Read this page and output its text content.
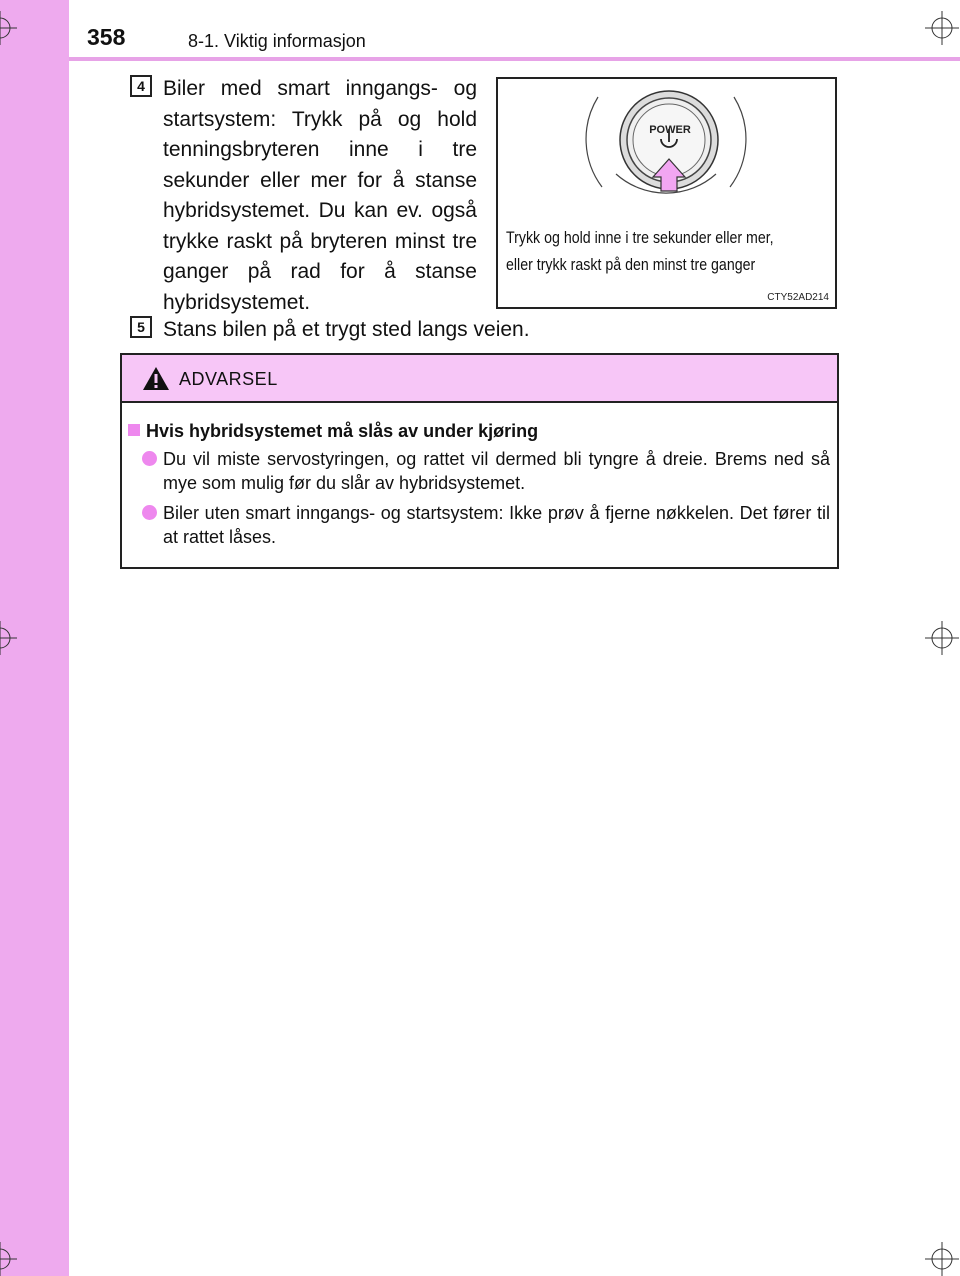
358	8-1. Viktig informasjon
4 Biler med smart inngangs- og startsystem: Trykk på og hold tenningsbryteren inne i tre sekunder eller mer for å stanse hybridsystemet. Du kan ev. også trykke raskt på bryteren minst tre ganger på rad for å stanse hybridsystemet.
POWER
Trykk og hold inne i tre sekunder eller mer,
eller trykk raskt på den minst tre ganger
CTY52AD214
5 Stans bilen på et trygt sted langs veien.
ADVARSEL
Hvis hybridsystemet må slås av under kjøring
Du vil miste servostyringen, og rattet vil dermed bli tyngre å dreie. Brems ned så mye som mulig før du slår av hybridsystemet.
Biler uten smart inngangs- og startsystem: Ikke prøv å fjerne nøkkelen. Det fører til at rattet låses.
